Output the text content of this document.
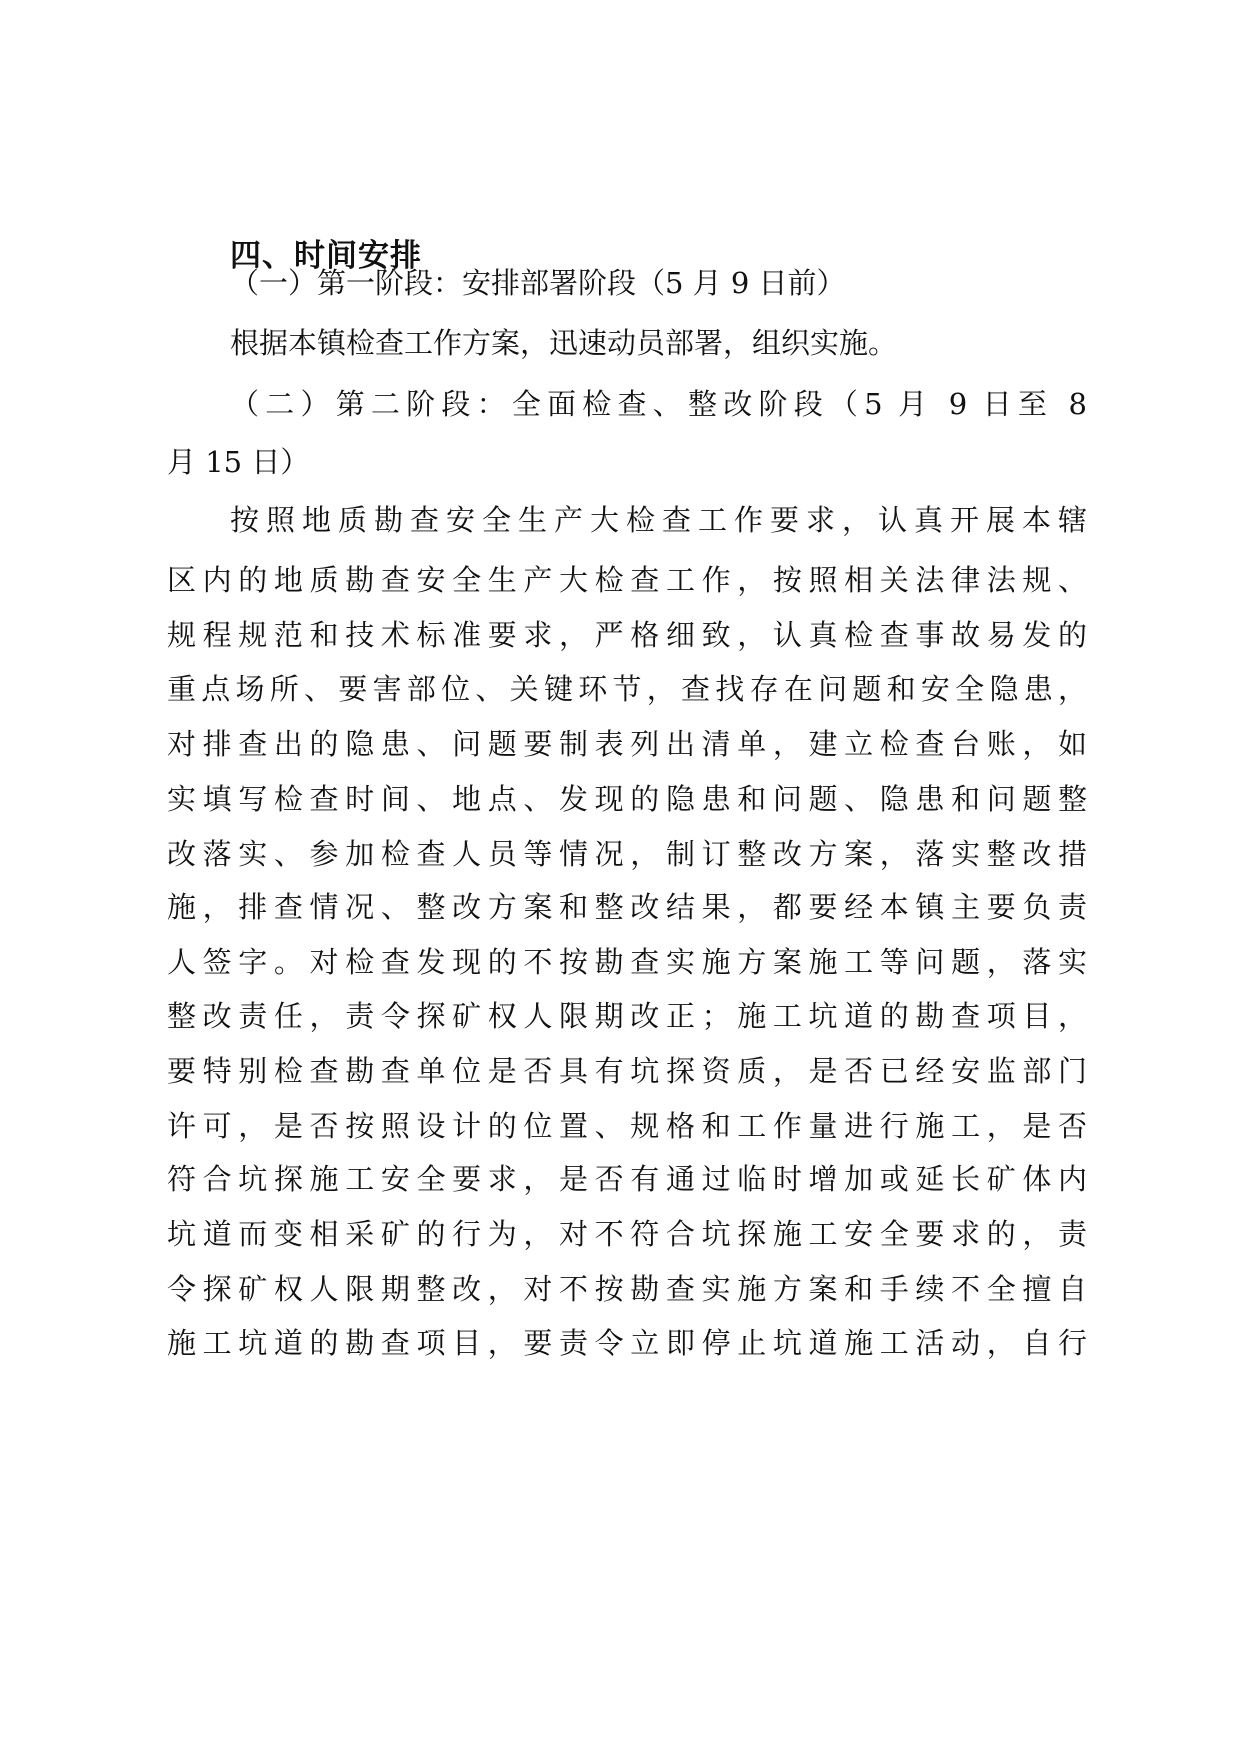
四、时间安排
（一）第一阶段：安排部署阶段（5 月 9 日前）
根据本镇检查工作方案，迅速动员部署，组织实施。
（二）第二阶段：全面检查、整改阶段（5 月 9 日至 8
月 15 日）
按照地质勘查安全生产大检查工作要求，认真开展本辖
区内的地质勘查安全生产大检查工作，按照相关法律法规、
规程规范和技术标准要求，严格细致，认真检查事故易发的
重点场所、要害部位、关键环节，查找存在问题和安全隐患，
对排查出的隐患、问题要制表列出清单，建立检查台账，如
实填写检查时间、地点、发现的隐患和问题、隐患和问题整
改落实、参加检查人员等情况，制订整改方案，落实整改措
施，排查情况、整改方案和整改结果，都要经本镇主要负责
人签字。对检查发现的不按勘查实施方案施工等问题，落实
整改责任，责令探矿权人限期改正；施工坑道的勘查项目，
要特别检查勘查单位是否具有坑探资质，是否已经安监部门
许可，是否按照设计的位置、规格和工作量进行施工，是否
符合坑探施工安全要求，是否有通过临时增加或延长矿体内
坑道而变相采矿的行为，对不符合坑探施工安全要求的，责
令探矿权人限期整改，对不按勘查实施方案和手续不全擅自
施工坑道的勘查项目，要责令立即停止坑道施工活动，自行
